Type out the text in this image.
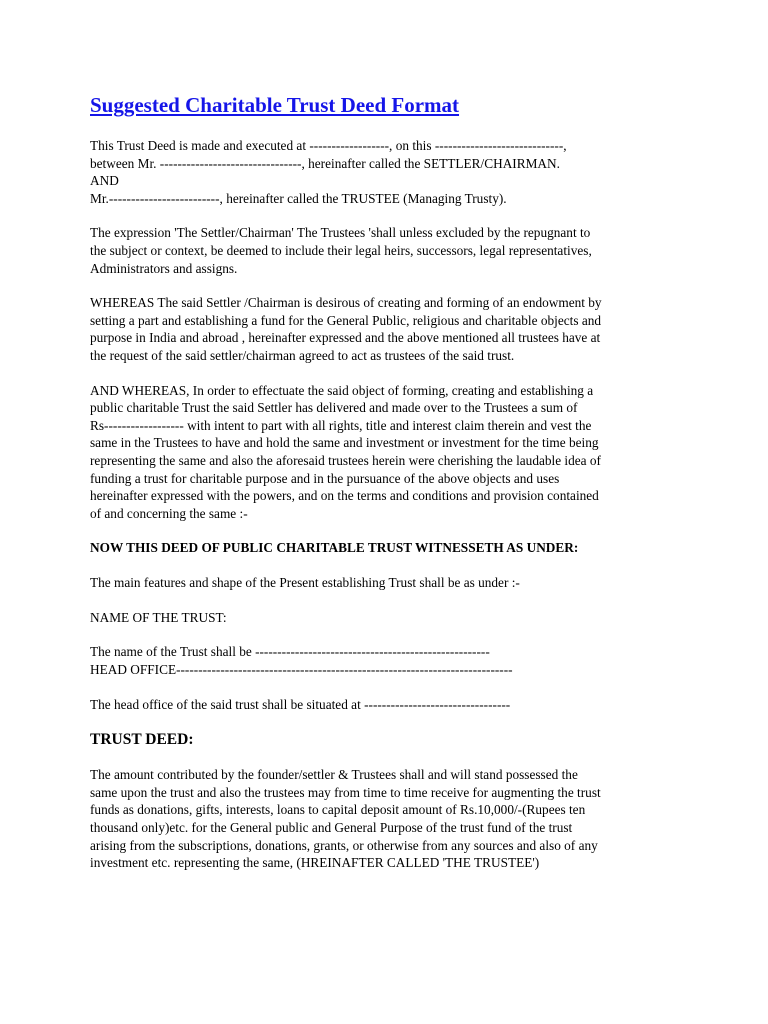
Suggested Charitable Trust Deed Format
This Trust Deed is made and executed at ------------------, on this -----------------------------,
between Mr. --------------------------------, hereinafter called the SETTLER/CHAIRMAN.
AND
Mr.-------------------------, hereinafter called the TRUSTEE (Managing Trusty).
The expression 'The Settler/Chairman' The Trustees 'shall unless excluded by the repugnant to
the subject or context, be deemed to include their legal heirs, successors, legal representatives,
Administrators and assigns.
WHEREAS The said Settler /Chairman is desirous of creating and forming of an endowment by
setting a part and establishing a fund for the General Public, religious and charitable objects and
purpose in India and abroad , hereinafter expressed and the above mentioned all trustees have at
the request of the said settler/chairman agreed to act as trustees of the said trust.
AND WHEREAS, In order to effectuate the said object of forming, creating and establishing a
public charitable Trust the said Settler has delivered and made over to the Trustees a sum of
Rs------------------ with intent to part with all rights, title and interest claim therein and vest the
same in the Trustees to have and hold the same and investment or investment for the time being
representing the same and also the aforesaid trustees herein were cherishing the laudable idea of
funding a trust for charitable purpose and in the pursuance of the above objects and uses
hereinafter expressed with the powers, and on the terms and conditions and provision contained
of and concerning the same :-
NOW THIS DEED OF PUBLIC CHARITABLE TRUST WITNESSETH AS UNDER:
The main features and shape of the Present establishing Trust shall be as under :-
NAME OF THE TRUST:
The name of the Trust shall be -----------------------------------------------------
HEAD OFFICE----------------------------------------------------------------------------
The head office of the said trust shall be situated at ---------------------------------
TRUST DEED:
The amount contributed by the founder/settler & Trustees shall and will stand possessed the
same upon the trust and also the trustees may from time to time receive for augmenting the trust
funds as donations, gifts, interests, loans to capital deposit amount of Rs.10,000/-(Rupees ten
thousand only)etc. for the General public and General Purpose of the trust fund of the trust
arising from the subscriptions, donations, grants, or otherwise from any sources and also of any
investment etc. representing the same, (HREINAFTER CALLED 'THE TRUSTEE')
